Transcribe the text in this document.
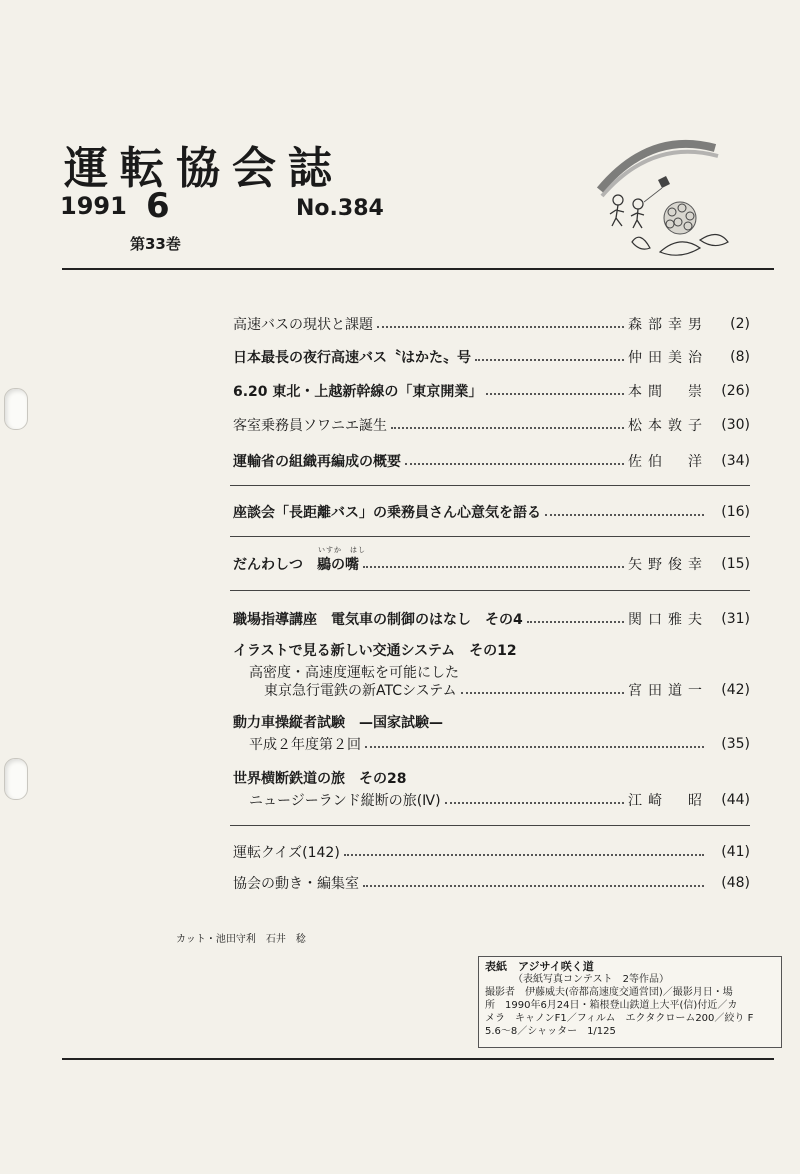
運転協会誌
1991 6	No.384
第33巻
高速バスの現状と課題	森部幸男	(2)
日本最長の夜行高速バス〝はかた〟号	仲田美治	(8)
6.20 東北・上越新幹線の「東京開業」	本間　崇 (26)
客室乗務員ソワニエ誕生	松本敦子 (30)
運輸省の組織再編成の概要	佐伯　洋 (34)
座談会「長距離バス」の乗務員さん心意気を語る	(16)
いすか　はし
だんわしつ　鶍の嘴	矢野俊幸 (15)
職場指導講座　電気車の制御のはなし　その4	関口雅夫 (31)
イラストで見る新しい交通システム　その12
高密度・高速度運転を可能にした
東京急行電鉄の新ATCシステム	宮田道一 (42)
動力車操縦者試験　—国家試験—
平成２年度第２回	(35)
世界横断鉄道の旅　その28
ニュージーランド縦断の旅(Ⅳ)	江崎　昭 (44)
運転クイズ(142)	(41)
協会の動き・編集室	(48)
カット・池田守利　石井　稔
表紙　アジサイ咲く道
（表紙写真コンテスト　2等作品）
撮影者　伊藤威夫(帝都高速度交通営団)／撮影月日・場
所　1990年6月24日・箱根登山鉄道上大平(信)付近／カ
メラ　キャノンF1／フィルム　エクタクローム200／絞り F
5.6～8／シャッター　1/125
